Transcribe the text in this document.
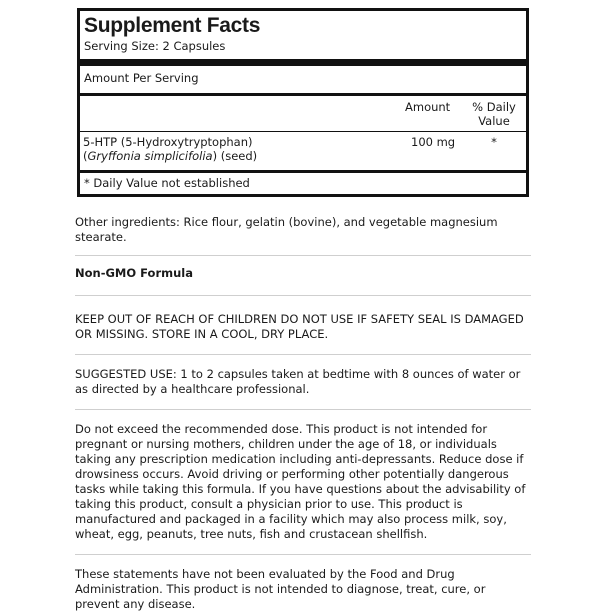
Supplement Facts
Serving Size: 2 Capsules
Amount Per Serving
Amount	% Daily Value
5-HTP (5-Hydroxytryptophan)
(Gryffonia simplicifolia) (seed)
100 mg	*
* Daily Value not established
Other ingredients: Rice flour, gelatin (bovine), and vegetable magnesium stearate.
Non-GMO Formula
KEEP OUT OF REACH OF CHILDREN DO NOT USE IF SAFETY SEAL IS DAMAGED OR MISSING. STORE IN A COOL, DRY PLACE.
SUGGESTED USE: 1 to 2 capsules taken at bedtime with 8 ounces of water or as directed by a healthcare professional.
Do not exceed the recommended dose. This product is not intended for pregnant or nursing mothers, children under the age of 18, or individuals taking any prescription medication including anti-depressants. Reduce dose if drowsiness occurs. Avoid driving or performing other potentially dangerous tasks while taking this formula. If you have questions about the advisability of taking this product, consult a physician prior to use. This product is manufactured and packaged in a facility which may also process milk, soy, wheat, egg, peanuts, tree nuts, fish and crustacean shellfish.
These statements have not been evaluated by the Food and Drug Administration. This product is not intended to diagnose, treat, cure, or prevent any disease.
